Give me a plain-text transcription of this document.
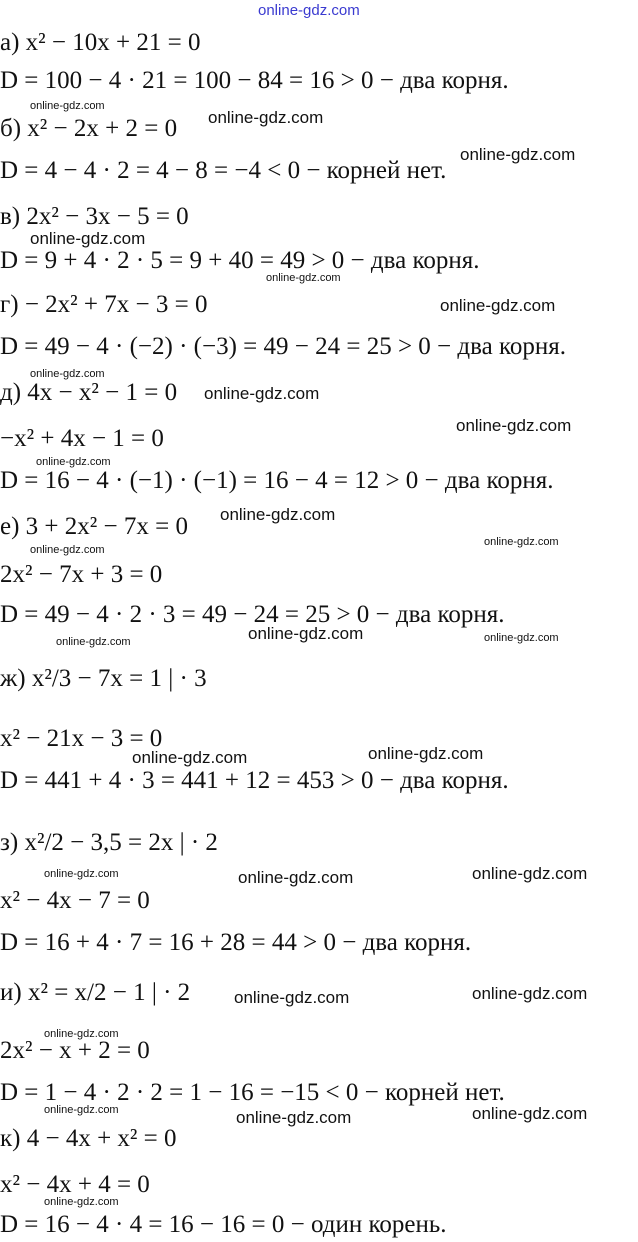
online-gdz.com
а) x² − 10x + 21 = 0
D = 100 − 4 · 21 = 100 − 84 = 16 > 0 − два корня.
б) x² − 2x + 2 = 0
D = 4 − 4 · 2 = 4 − 8 = −4 < 0 − корней нет.
в) 2x² − 3x − 5 = 0
D = 9 + 4 · 2 · 5 = 9 + 40 = 49 > 0 − два корня.
г) − 2x² + 7x − 3 = 0
D = 49 − 4 · (−2) · (−3) = 49 − 24 = 25 > 0 − два корня.
д) 4x − x² − 1 = 0
−x² + 4x − 1 = 0
D = 16 − 4 · (−1) · (−1) = 16 − 4 = 12 > 0 − два корня.
е) 3 + 2x² − 7x = 0
2x² − 7x + 3 = 0
D = 49 − 4 · 2 · 3 = 49 − 24 = 25 > 0 − два корня.
ж) x²/3 − 7x = 1 | · 3
x² − 21x − 3 = 0
D = 441 + 4 · 3 = 441 + 12 = 453 > 0 − два корня.
з) x²/2 − 3,5 = 2x | · 2
x² − 4x − 7 = 0
D = 16 + 4 · 7 = 16 + 28 = 44 > 0 − два корня.
и) x² = x/2 − 1 | · 2
2x² − x + 2 = 0
D = 1 − 4 · 2 · 2 = 1 − 16 = −15 < 0 − корней нет.
к) 4 − 4x + x² = 0
x² − 4x + 4 = 0
D = 16 − 4 · 4 = 16 − 16 = 0 − один корень.
online-gdz.com
online-gdz.com
online-gdz.com
online-gdz.com
online-gdz.com
online-gdz.com
online-gdz.com
online-gdz.com
online-gdz.com
online-gdz.com
online-gdz.com
online-gdz.com
online-gdz.com
online-gdz.com	online-gdz.com
online-gdz.com
online-gdz.com
online-gdz.com
online-gdz.com	online-gdz.com	online-gdz.com
online-gdz.com	online-gdz.com
online-gdz.com
online-gdz.com	online-gdz.com	online-gdz.com
online-gdz.com
